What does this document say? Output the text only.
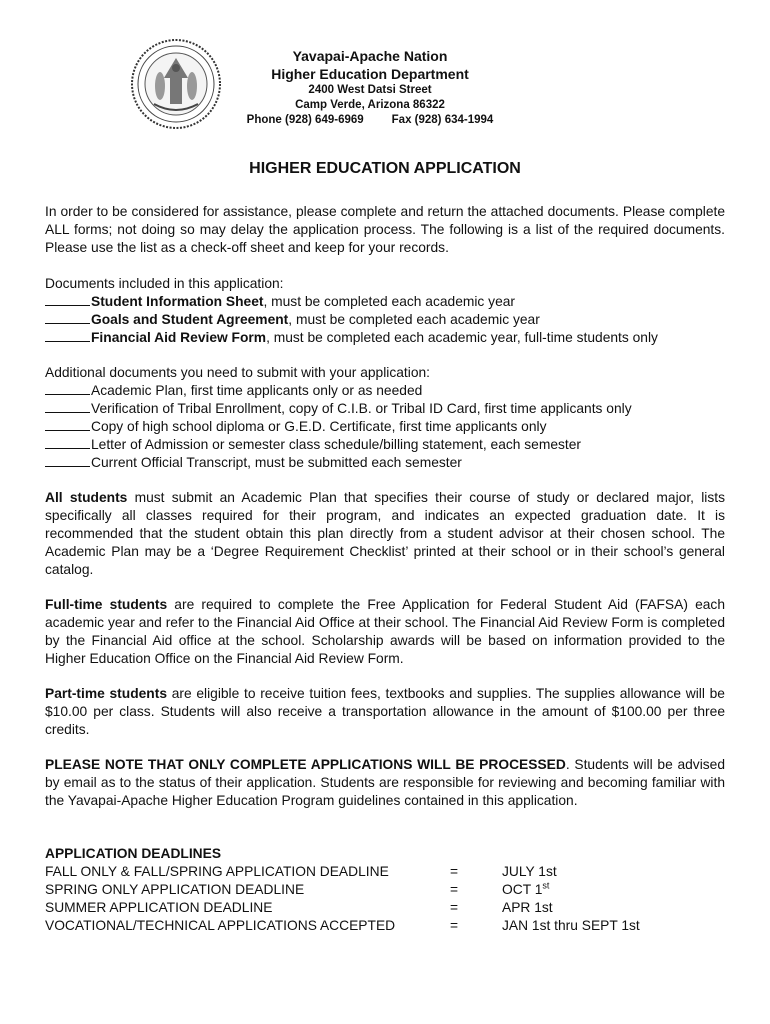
Yavapai-Apache Nation
Higher Education Department
2400 West Datsi Street
Camp Verde, Arizona 86322
Phone (928) 649-6969 Fax (928) 634-1994
HIGHER EDUCATION APPLICATION

In order to be considered for assistance, please complete and return the attached documents. Please complete ALL forms; not doing so may delay the application process. The following is a list of the required documents. Please use the list as a check-off sheet and keep for your records.

Documents included in this application:
Student Information Sheet, must be completed each academic year
Goals and Student Agreement, must be completed each academic year
Financial Aid Review Form, must be completed each academic year, full-time students only
Additional documents you need to submit with your application:
Academic Plan, first time applicants only or as needed
Verification of Tribal Enrollment, copy of C.I.B. or Tribal ID Card, first time applicants only
Copy of high school diploma or G.E.D. Certificate, first time applicants only
Letter of Admission or semester class schedule/billing statement, each semester
Current Official Transcript, must be submitted each semester

All students must submit an Academic Plan that specifies their course of study or declared major, lists specifically all classes required for their program, and indicates an expected graduation date. It is recommended that the student obtain this plan directly from a student advisor at their chosen school. The Academic Plan may be a ‘Degree Requirement Checklist’ printed at their school or in their school’s general catalog.

Full-time students are required to complete the Free Application for Federal Student Aid (FAFSA) each academic year and refer to the Financial Aid Office at their school. The Financial Aid Review Form is completed by the Financial Aid office at the school. Scholarship awards will be based on information provided to the Higher Education Office on the Financial Aid Review Form.

Part-time students are eligible to receive tuition fees, textbooks and supplies. The supplies allowance will be $10.00 per class. Students will also receive a transportation allowance in the amount of $100.00 per three credits.

PLEASE NOTE THAT ONLY COMPLETE APPLICATIONS WILL BE PROCESSED. Students will be advised by email as to the status of their application. Students are responsible for reviewing and becoming familiar with the Yavapai-Apache Higher Education Program guidelines contained in this application.

APPLICATION DEADLINES		
FALL ONLY & FALL/SPRING APPLICATION DEADLINE	=	JULY 1st
SPRING ONLY APPLICATION DEADLINE	=	OCT 1st
SUMMER APPLICATION DEADLINE	=	APR 1st
VOCATIONAL/TECHNICAL APPLICATIONS ACCEPTED	=	JAN 1st thru SEPT 1st
